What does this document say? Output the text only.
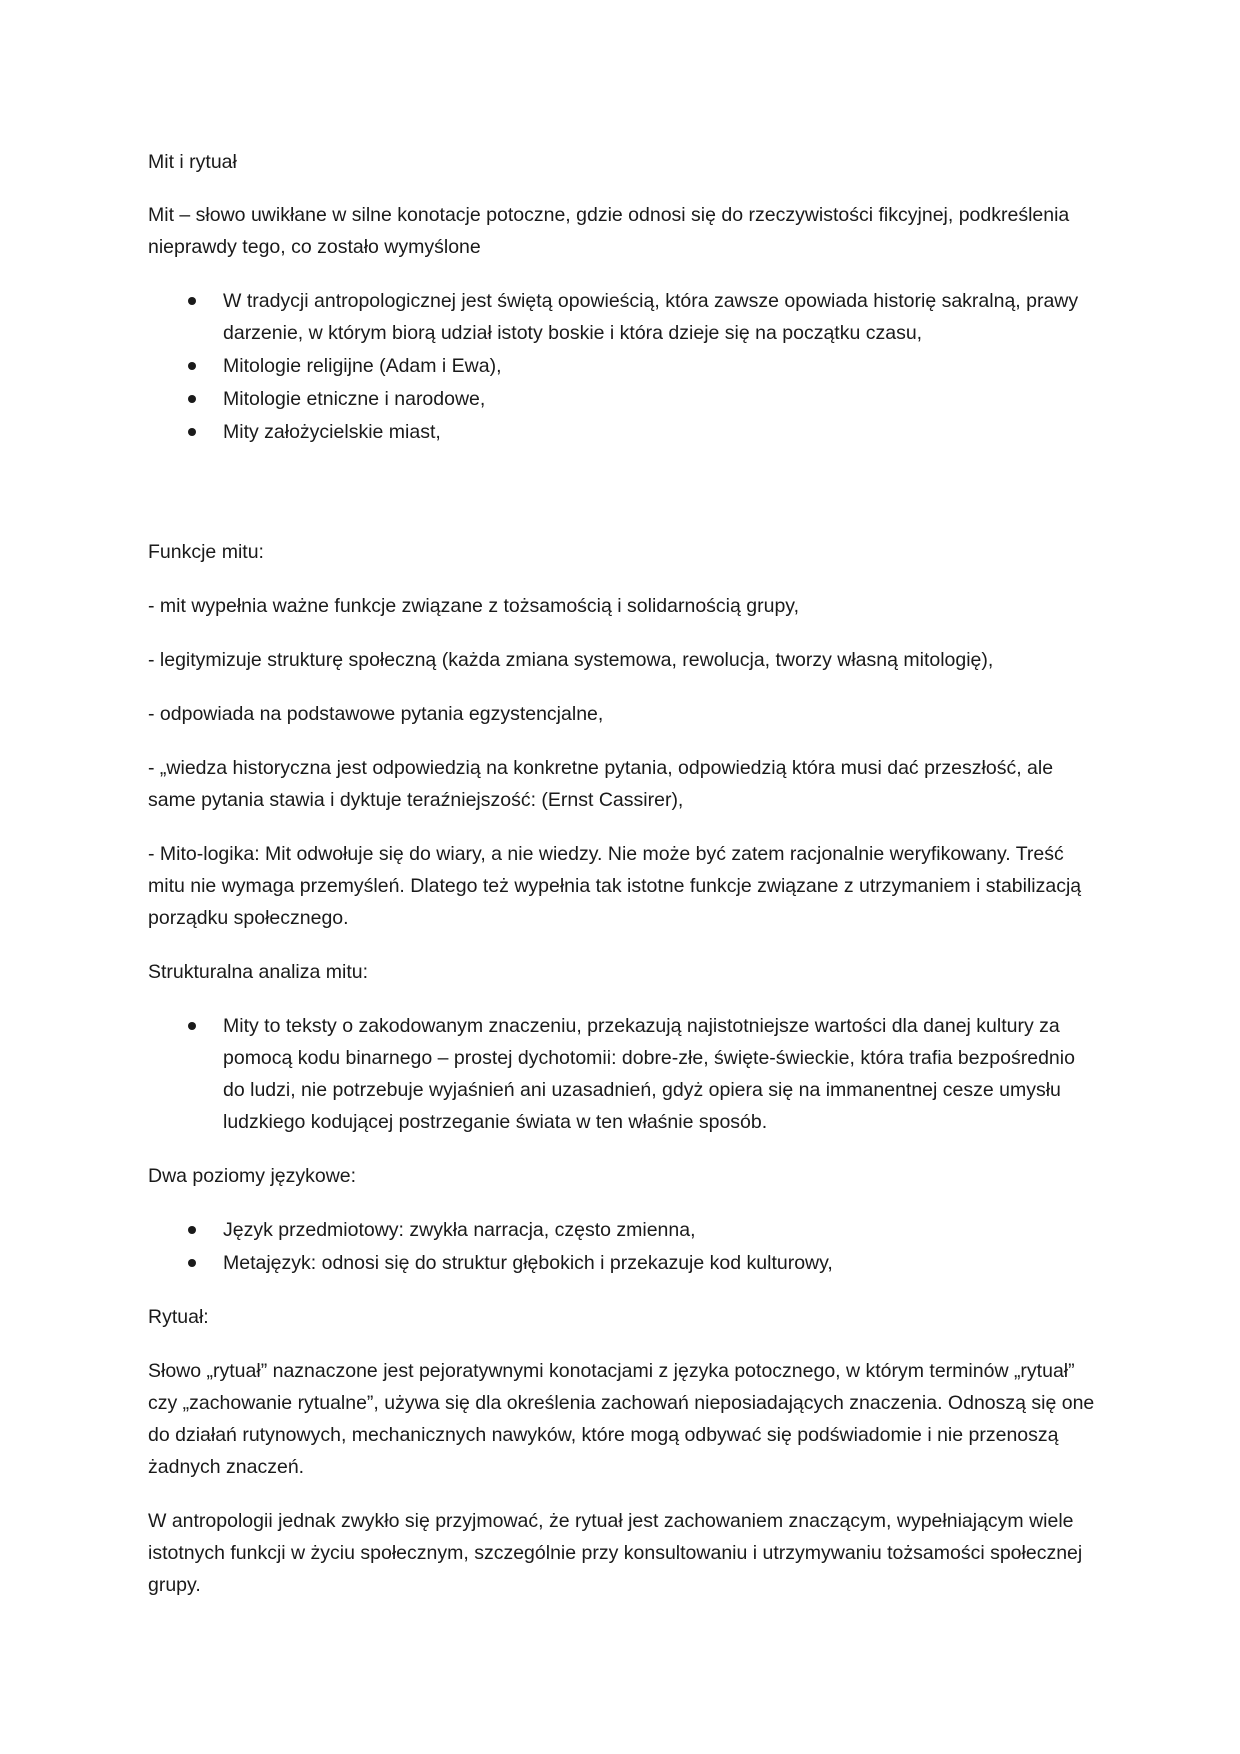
Mit i rytuał

Mit – słowo uwikłane w silne konotacje potoczne, gdzie odnosi się do rzeczywistości fikcyjnej, podkreślenia nieprawdy tego, co zostało wymyślone

W tradycji antropologicznej jest świętą opowieścią, która zawsze opowiada historię sakralną, prawy darzenie, w którym biorą udział istoty boskie i która dzieje się na początku czasu,
Mitologie religijne (Adam i Ewa),
Mitologie etniczne i narodowe,
Mity założycielskie miast,

Funkcje mitu:

- mit wypełnia ważne funkcje związane z tożsamością i solidarnością grupy,

- legitymizuje strukturę społeczną (każda zmiana systemowa, rewolucja, tworzy własną mitologię),

- odpowiada na podstawowe pytania egzystencjalne,

- „wiedza historyczna jest odpowiedzią na konkretne pytania, odpowiedzią która musi dać przeszłość, ale same pytania stawia i dyktuje teraźniejszość: (Ernst Cassirer),

- Mito-logika: Mit odwołuje się do wiary, a nie wiedzy. Nie może być zatem racjonalnie weryfikowany. Treść mitu nie wymaga przemyśleń. Dlatego też wypełnia tak istotne funkcje związane z utrzymaniem i stabilizacją porządku społecznego.

Strukturalna analiza mitu:

Mity to teksty o zakodowanym znaczeniu, przekazują najistotniejsze wartości dla danej kultury za pomocą kodu binarnego – prostej dychotomii: dobre-złe, święte-świeckie, która trafia bezpośrednio do ludzi, nie potrzebuje wyjaśnień ani uzasadnień, gdyż opiera się na immanentnej cesze umysłu ludzkiego kodującej postrzeganie świata w ten właśnie sposób.

Dwa poziomy językowe:

Język przedmiotowy: zwykła narracja, często zmienna,
Metajęzyk: odnosi się do struktur głębokich i przekazuje kod kulturowy,

Rytuał:

Słowo „rytuał” naznaczone jest pejoratywnymi konotacjami z języka potocznego, w którym terminów „rytuał” czy „zachowanie rytualne”, używa się dla określenia zachowań nieposiadających znaczenia. Odnoszą się one do działań rutynowych, mechanicznych nawyków, które mogą odbywać się podświadomie i nie przenoszą żadnych znaczeń.

W antropologii jednak zwykło się przyjmować, że rytuał jest zachowaniem znaczącym, wypełniającym wiele istotnych funkcji w życiu społecznym, szczególnie przy konsultowaniu i utrzymywaniu tożsamości społecznej grupy.
